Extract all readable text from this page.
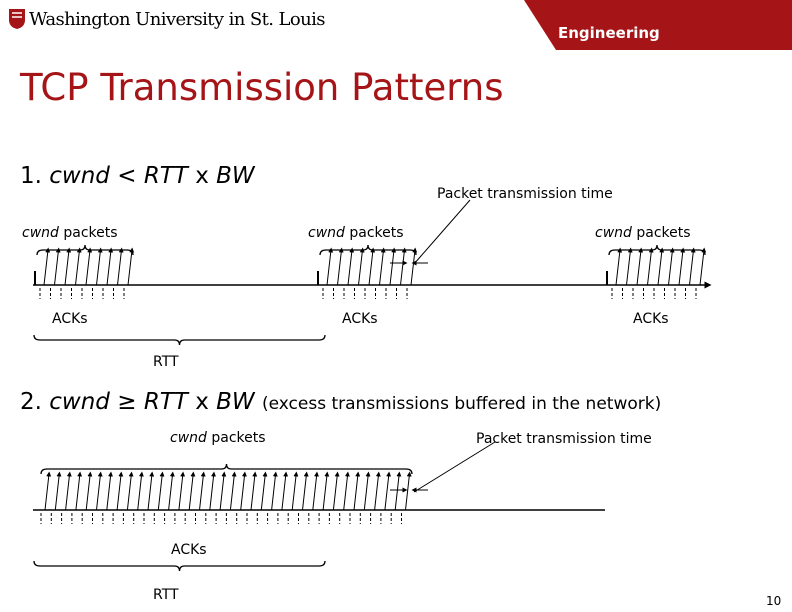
Washington University in St. Louis
Engineering
TCP Transmission Patterns
1. cwnd < RTT x BW
Packet transmission time
cwnd packets	cwnd packets	cwnd packets
ACKs	ACKs	ACKs
RTT
2. cwnd ≥ RTT x BW (excess transmissions buffered in the network)
cwnd packets	Packet transmission time
ACKs
RTT	10
